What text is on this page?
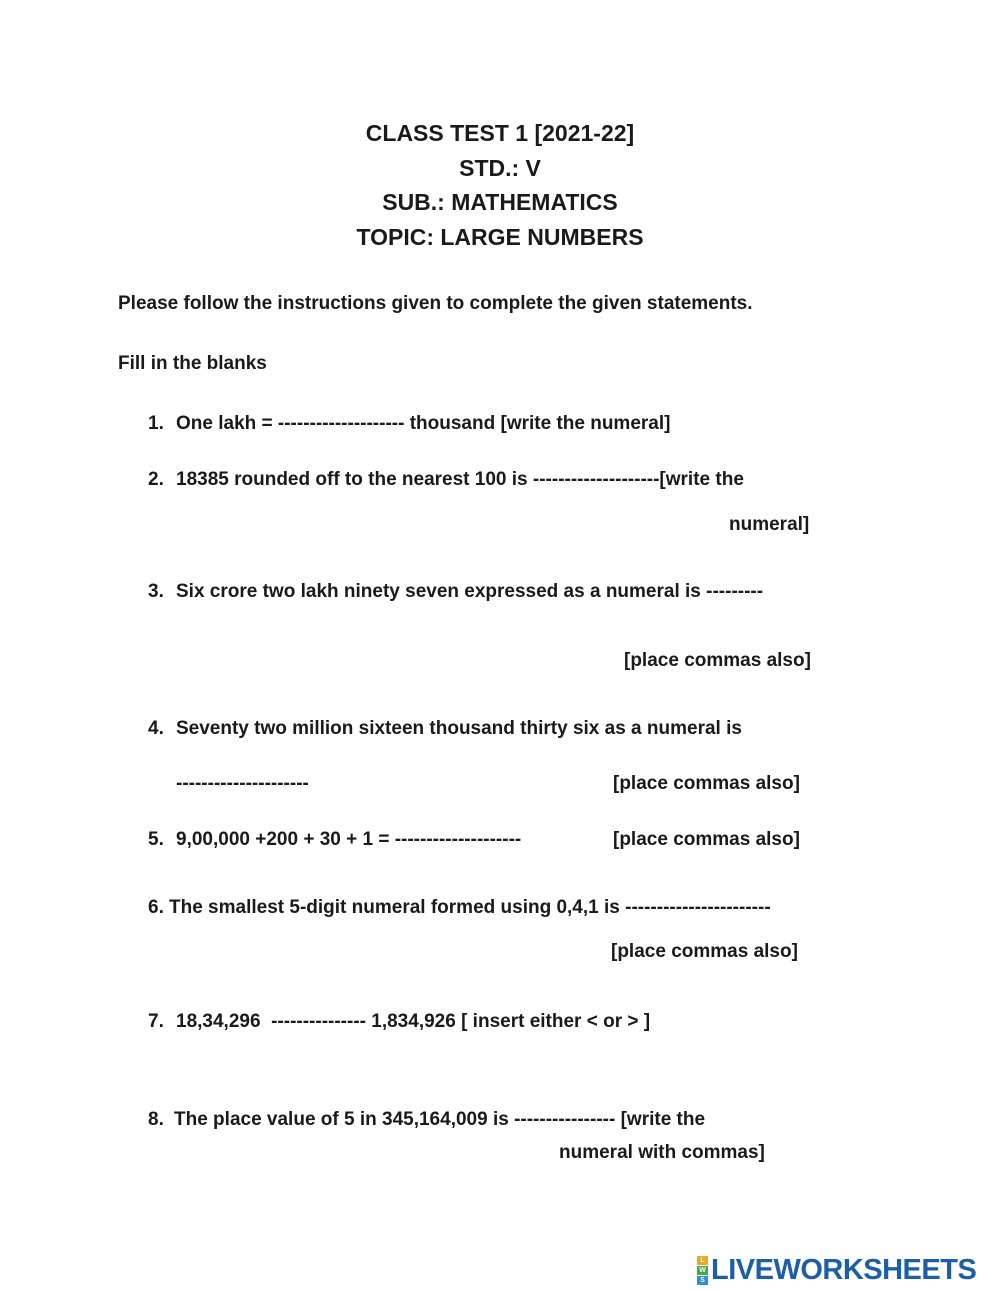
CLASS TEST 1 [2021-22]
STD.: V
SUB.: MATHEMATICS
TOPIC: LARGE NUMBERS
Please follow the instructions given to complete the given statements.
Fill in the blanks
1. One lakh = -------------------- thousand [write the numeral]
2. 18385 rounded off to the nearest 100 is --------------------[write the
numeral]
3. Six crore two lakh ninety seven expressed as a numeral is ---------
[place commas also]
4. Seventy two million sixteen thousand thirty six as a numeral is
---------------------	[place commas also]
5. 9,00,000 +200 + 30 + 1 = --------------------	[place commas also]
6. The smallest 5-digit numeral formed using 0,4,1 is -----------------------
[place commas also]
7. 18,34,296  --------------- 1,834,926 [ insert either < or > ]
8. The place value of 5 in 345,164,009 is ---------------- [write the
numeral with commas]
L
W
S LIVEWORKSHEETS
